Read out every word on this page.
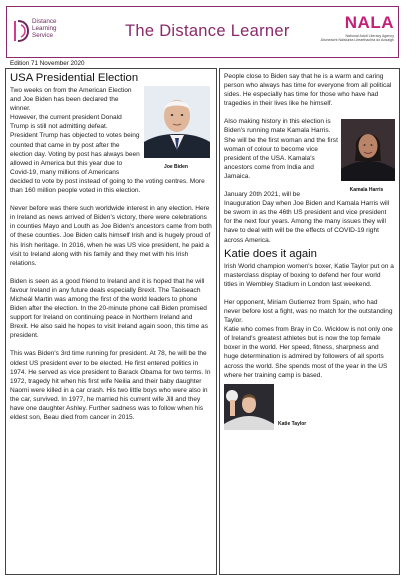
Distance
Learning
Service	The Distance Learner	NALA
National Adult Literacy Agency
Áisíneacht Náisiúnta Litearthachta do Aosaigh
Edition 71 November 2020
USA Presidential Election
Joe Biden

Two weeks on from the American Election and Joe Biden has been declared the winner.

However, the current president Donald Trump is still not admitting defeat.

President Trump has objected to votes being counted that came in by post after the election day. Voting by post has always been allowed in America but this year due to Covid-19, many millions of Americans decided to vote by post instead of going to the voting centres. More than 160 million people voted in this election.

Never before was there such worldwide interest in any election. Here in Ireland as news arrived of Biden's victory, there were celebrations in counties Mayo and Louth as Joe Biden's ancestors came from both of these counties. Joe Biden calls himself Irish and is hugely proud of his Irish heritage. In 2016, when he was US vice president, he paid a visit to Ireland along with his family and they met with his Irish relations.

Biden is seen as a good friend to Ireland and it is hoped that he will favour Ireland in any future deals especially Brexit. The Taoiseach Micheál Martin was among the first of the world leaders to phone Biden after the election. In the 20-minute phone call Biden promised support for Ireland on continuing peace in Northern Ireland and Brexit. He also said he hopes to visit Ireland again soon, this time as president.

This was Biden's 3rd time running for president. At 78, he will be the oldest US president ever to be elected. He first entered politics in 1974. He served as vice president to Barack Obama for two terms. In 1972, tragedy hit when his first wife Neilia and their baby daughter Naomi were killed in a car crash. His two little boys who were also in the car, survived. In 1977, he married his current wife Jill and they have one daughter Ashley. Further sadness was to follow when his eldest son, Beau died from cancer in 2015.

People close to Biden say that he is a warm and caring person who always has time for everyone from all political sides. He especially has time for those who have had tragedies in their lives like he himself.

Kamala Harris

Also making history in this election is Biden's running mate Kamala Harris. She will be the first woman and the first woman of colour to become vice president of the USA. Kamala's ancestors come from India and Jamaica.

January 20th 2021, will be Inauguration Day when Joe Biden and Kamala Harris will be sworn in as the 46th US president and vice president for the next four years. Among the many issues they will have to deal with will be the effects of COVID-19 right across America.

Katie does it again

Irish World champion women's boxer, Katie Taylor put on a masterclass display of boxing to defend her four world titles in Wembley Stadium in London last weekend.

Her opponent, Miriam Gutierrez from Spain, who had never before lost a fight, was no match for the outstanding Taylor.

Katie who comes from Bray in Co. Wicklow is not only one of Ireland's greatest athletes but is now the top female boxer in the world. Her speed, fitness, sharpness and huge determination is admired by followers of all sports across the world. She spends most of the year in the US where her training camp is based.

Katie Taylor
